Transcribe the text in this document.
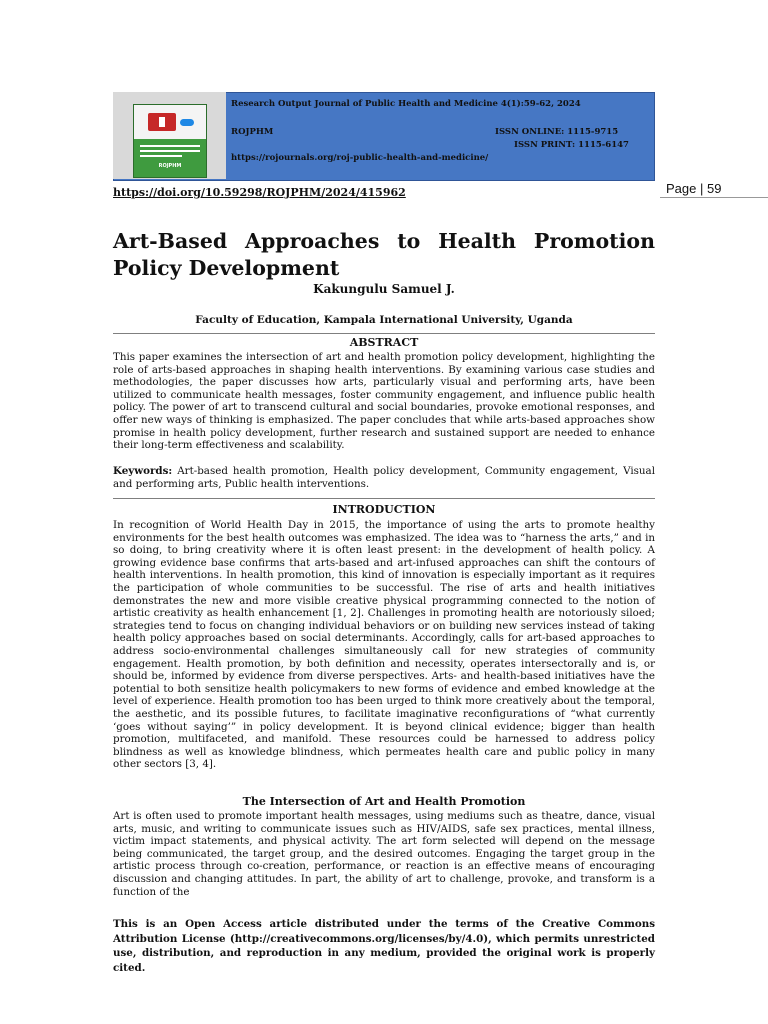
ROJPHM
Research Output Journal of Public Health and Medicine 4(1):59-62, 2024
ROJPHM	ISSN ONLINE: 1115-9715
ISSN PRINT: 1115-6147
https://rojournals.org/roj-public-health-and-medicine/
https://doi.org/10.59298/ROJPHM/2024/415962	Page | 59
Art-Based Approaches to Health Promotion Policy Development
Kakungulu Samuel J.
Faculty of Education, Kampala International University, Uganda
ABSTRACT

This paper examines the intersection of art and health promotion policy development, highlighting the role of arts-based approaches in shaping health interventions. By examining various case studies and methodologies, the paper discusses how arts, particularly visual and performing arts, have been utilized to communicate health messages, foster community engagement, and influence public health policy. The power of art to transcend cultural and social boundaries, provoke emotional responses, and offer new ways of thinking is emphasized. The paper concludes that while arts-based approaches show promise in health policy development, further research and sustained support are needed to enhance their long-term effectiveness and scalability.

Keywords: Art-based health promotion, Health policy development, Community engagement, Visual and performing arts, Public health interventions.

INTRODUCTION

In recognition of World Health Day in 2015, the importance of using the arts to promote healthy environments for the best health outcomes was emphasized. The idea was to “harness the arts,” and in so doing, to bring creativity where it is often least present: in the development of health policy. A growing evidence base confirms that arts-based and art-infused approaches can shift the contours of health interventions. In health promotion, this kind of innovation is especially important as it requires the participation of whole communities to be successful. The rise of arts and health initiatives demonstrates the new and more visible creative physical programming connected to the notion of artistic creativity as health enhancement [1, 2]. Challenges in promoting health are notoriously siloed; strategies tend to focus on changing individual behaviors or on building new services instead of taking health policy approaches based on social determinants. Accordingly, calls for art-based approaches to address socio-environmental challenges simultaneously call for new strategies of community engagement. Health promotion, by both definition and necessity, operates intersectorally and is, or should be, informed by evidence from diverse perspectives. Arts- and health-based initiatives have the potential to both sensitize health policymakers to new forms of evidence and embed knowledge at the level of experience. Health promotion too has been urged to think more creatively about the temporal, the aesthetic, and its possible futures, to facilitate imaginative reconfigurations of “what currently ‘goes without saying’” in policy development. It is beyond clinical evidence; bigger than health promotion, multifaceted, and manifold. These resources could be harnessed to address policy blindness as well as knowledge blindness, which permeates health care and public policy in many other sectors [3, 4].

The Intersection of Art and Health Promotion

Art is often used to promote important health messages, using mediums such as theatre, dance, visual arts, music, and writing to communicate issues such as HIV/AIDS, safe sex practices, mental illness, victim impact statements, and physical activity. The art form selected will depend on the message being communicated, the target group, and the desired outcomes. Engaging the target group in the artistic process through co-creation, performance, or reaction is an effective means of encouraging discussion and changing attitudes. In part, the ability of art to challenge, provoke, and transform is a function of the

This is an Open Access article distributed under the terms of the Creative Commons Attribution License (http://creativecommons.org/licenses/by/4.0), which permits unrestricted use, distribution, and reproduction in any medium, provided the original work is properly cited.
